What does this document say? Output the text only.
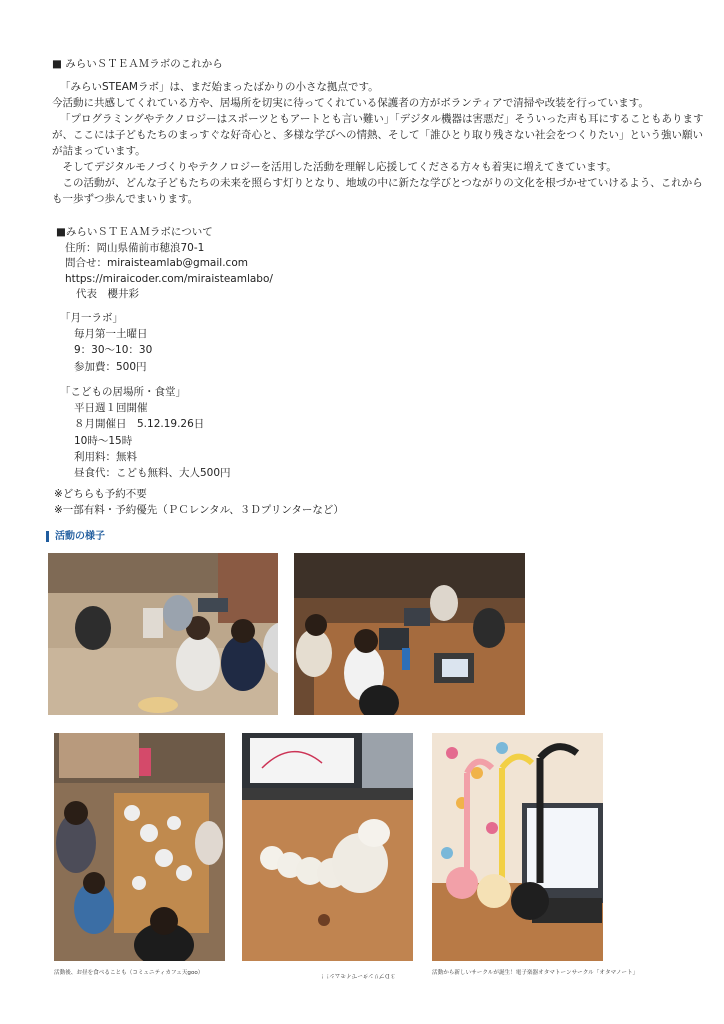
■ みらいＳＴＥＡＭラボのこれから
「みらいSTEAMラボ」は、まだ始まったばかりの小さな拠点です。
今活動に共感してくれている方や、居場所を切実に待ってくれている保護者の方がボランティアで清掃や改装を行っています。
「プログラミングやテクノロジーはスポーツともアートとも言い難い」「デジタル機器は害悪だ」そういった声も耳にすることもあります
が、ここには子どもたちのまっすぐな好奇心と、多様な学びへの情熱、そして「誰ひとり取り残さない社会をつくりたい」という強い願い
が詰まっています。
　そしてデジタルモノづくりやテクノロジーを活用した活動を理解し応援してくださる方々も着実に増えてきています。
　この活動が、どんな子どもたちの未来を照らす灯りとなり、地域の中に新たな学びとつながりの文化を根づかせていけるよう、これから
も一歩ずつ歩んでまいります。
■みらいＳＴＥＡＭラボについて
住所：岡山県備前市穂浪70-1
問合せ：miraisteamlab@gmail.com
https://miraicoder.com/miraisteamlabo/
代表　櫻井彩
「月一ラボ」
毎月第一土曜日
9：30〜10：30
参加費：500円
「こどもの居場所・食堂」
平日週１回開催
８月開催日　5.12.19.26日
10時〜15時
利用料：無料
昼食代：こども無料、大人500円
※どちらも予約不要
※一部有料・予約優先（ＰＣレンタル、３Ｄプリンターなど）
活動の様子
活動後、お昼を食べることも（コミュニティカフェ天goo）	３Ｄプリンターでイモムシ！！	活動から新しいサークルが誕生！電子楽器オタマトーンサークル「オタマノート」
